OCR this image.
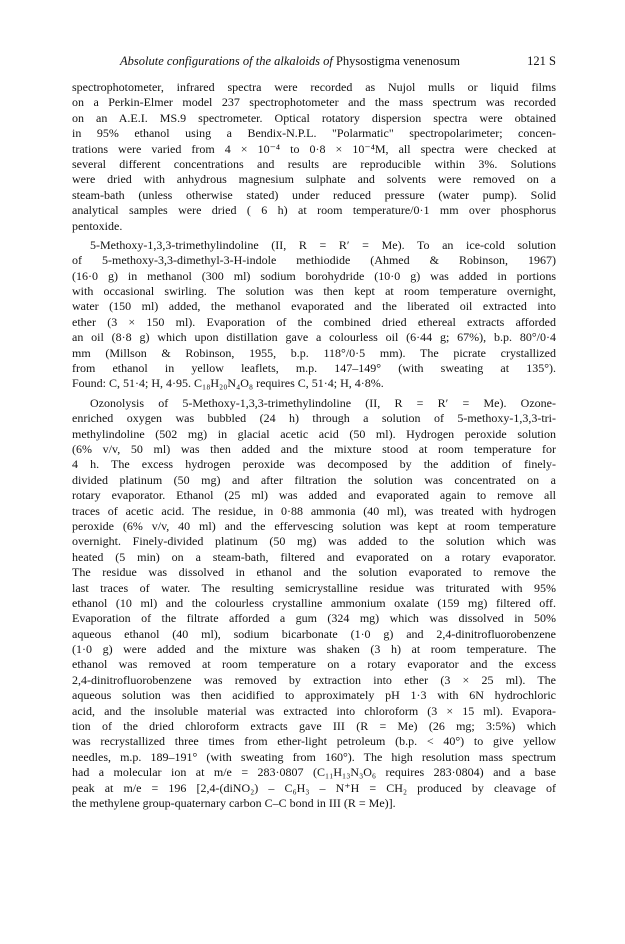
Absolute configurations of the alkaloids of Physostigma venenosum	121 S
spectrophotometer, infrared spectra were recorded as Nujol mulls or liquid films
on a Perkin-Elmer model 237 spectrophotometer and the mass spectrum was recorded
on an A.E.I. MS.9 spectrometer. Optical rotatory dispersion spectra were obtained
in 95% ethanol using a Bendix-N.P.L. "Polarmatic" spectropolarimeter; concen-
trations were varied from 4 × 10⁻⁴ to 0·8 × 10⁻⁴M, all spectra were checked at
several different concentrations and results are reproducible within 3%. Solutions
were dried with anhydrous magnesium sulphate and solvents were removed on a
steam-bath (unless otherwise stated) under reduced pressure (water pump). Solid
analytical samples were dried ( 6 h) at room temperature/0·1 mm over phosphorus
pentoxide.
5-Methoxy-1,3,3-trimethylindoline (II, R = R′ = Me). To an ice-cold solution
of 5-methoxy-3,3-dimethyl-3-H-indole methiodide (Ahmed & Robinson, 1967)
(16·0 g) in methanol (300 ml) sodium borohydride (10·0 g) was added in portions
with occasional swirling. The solution was then kept at room temperature overnight,
water (150 ml) added, the methanol evaporated and the liberated oil extracted into
ether (3 × 150 ml). Evaporation of the combined dried ethereal extracts afforded
an oil (8·8 g) which upon distillation gave a colourless oil (6·44 g; 67%), b.p. 80°/0·4
mm (Millson & Robinson, 1955, b.p. 118°/0·5 mm). The picrate crystallized
from ethanol in yellow leaflets, m.p. 147–149° (with sweating at 135°).
Found: C, 51·4; H, 4·95. C₁₈H₂₀N₄O₈ requires C, 51·4; H, 4·8%.
Ozonolysis of 5-Methoxy-1,3,3-trimethylindoline (II, R = R′ = Me). Ozone-
enriched oxygen was bubbled (24 h) through a solution of 5-methoxy-1,3,3-tri-
methylindoline (502 mg) in glacial acetic acid (50 ml). Hydrogen peroxide solution
(6% v/v, 50 ml) was then added and the mixture stood at room temperature for
4 h. The excess hydrogen peroxide was decomposed by the addition of finely-
divided platinum (50 mg) and after filtration the solution was concentrated on a
rotary evaporator. Ethanol (25 ml) was added and evaporated again to remove all
traces of acetic acid. The residue, in 0·88 ammonia (40 ml), was treated with hydrogen
peroxide (6% v/v, 40 ml) and the effervescing solution was kept at room temperature
overnight. Finely-divided platinum (50 mg) was added to the solution which was
heated (5 min) on a steam-bath, filtered and evaporated on a rotary evaporator.
The residue was dissolved in ethanol and the solution evaporated to remove the
last traces of water. The resulting semicrystalline residue was triturated with 95%
ethanol (10 ml) and the colourless crystalline ammonium oxalate (159 mg) filtered off.
Evaporation of the filtrate afforded a gum (324 mg) which was dissolved in 50%
aqueous ethanol (40 ml), sodium bicarbonate (1·0 g) and 2,4-dinitrofluorobenzene
(1·0 g) were added and the mixture was shaken (3 h) at room temperature. The
ethanol was removed at room temperature on a rotary evaporator and the excess
2,4-dinitrofluorobenzene was removed by extraction into ether (3 × 25 ml). The
aqueous solution was then acidified to approximately pH 1·3 with 6N hydrochloric
acid, and the insoluble material was extracted into chloroform (3 × 15 ml). Evapora-
tion of the dried chloroform extracts gave III (R = Me) (26 mg; 3:5%) which
was recrystallized three times from ether-light petroleum (b.p. < 40°) to give yellow
needles, m.p. 189–191° (with sweating from 160°). The high resolution mass spectrum
had a molecular ion at m/e = 283·0807 (C₁₁H₁₃N₃O₆ requires 283·0804) and a base
peak at m/e = 196 [2,4-(diNO₂) – C₆H₃ – N⁺H = CH₂ produced by cleavage of
the methylene group-quaternary carbon C–C bond in III (R = Me)].
